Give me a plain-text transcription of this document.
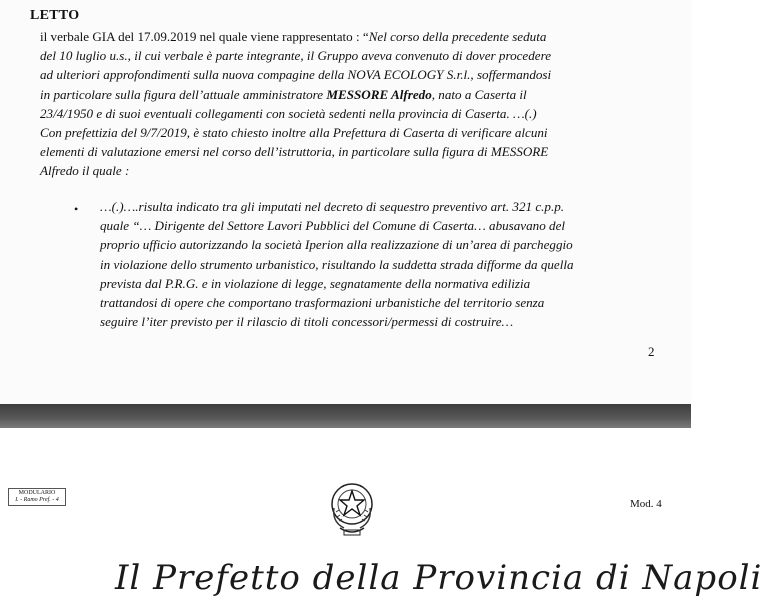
LETTO
il verbale GIA del 17.09.2019 nel quale viene rappresentato : “Nel corso della precedente seduta
del 10 luglio u.s., il cui verbale è parte integrante, il Gruppo aveva convenuto di dover procedere
ad ulteriori approfondimenti sulla nuova compagine della NOVA ECOLOGY S.r.l., soffermandosi
in particolare sulla figura dell’attuale amministratore MESSORE Alfredo, nato a Caserta il
23/4/1950 e di suoi eventuali collegamenti con società sedenti nella provincia di Caserta. …(.)
Con prefettizia del 9/7/2019, è stato chiesto inoltre alla Prefettura di Caserta di verificare alcuni
elementi di valutazione emersi nel corso dell’istruttoria, in particolare sulla figura di MESSORE
Alfredo il quale :
• …(.)….risulta indicato tra gli imputati nel decreto di sequestro preventivo art. 321 c.p.p.
quale “… Dirigente del Settore Lavori Pubblici del Comune di Caserta… abusavano del
proprio ufficio autorizzando la società Iperion alla realizzazione di un’area di parcheggio
in violazione dello strumento urbanistico, risultando la suddetta strada difforme da quella
prevista dal P.R.G. e in violazione di legge, segnatamente della normativa edilizia
trattandosi di opere che comportano trasformazioni urbanistiche del territorio senza
seguire l’iter previsto per il rilascio di titoli concessori/permessi di costruire…
2
MODULARIO
I. - Ramo Pref. - 4	Mod. 4
Il Prefetto della Provincia di Napoli
